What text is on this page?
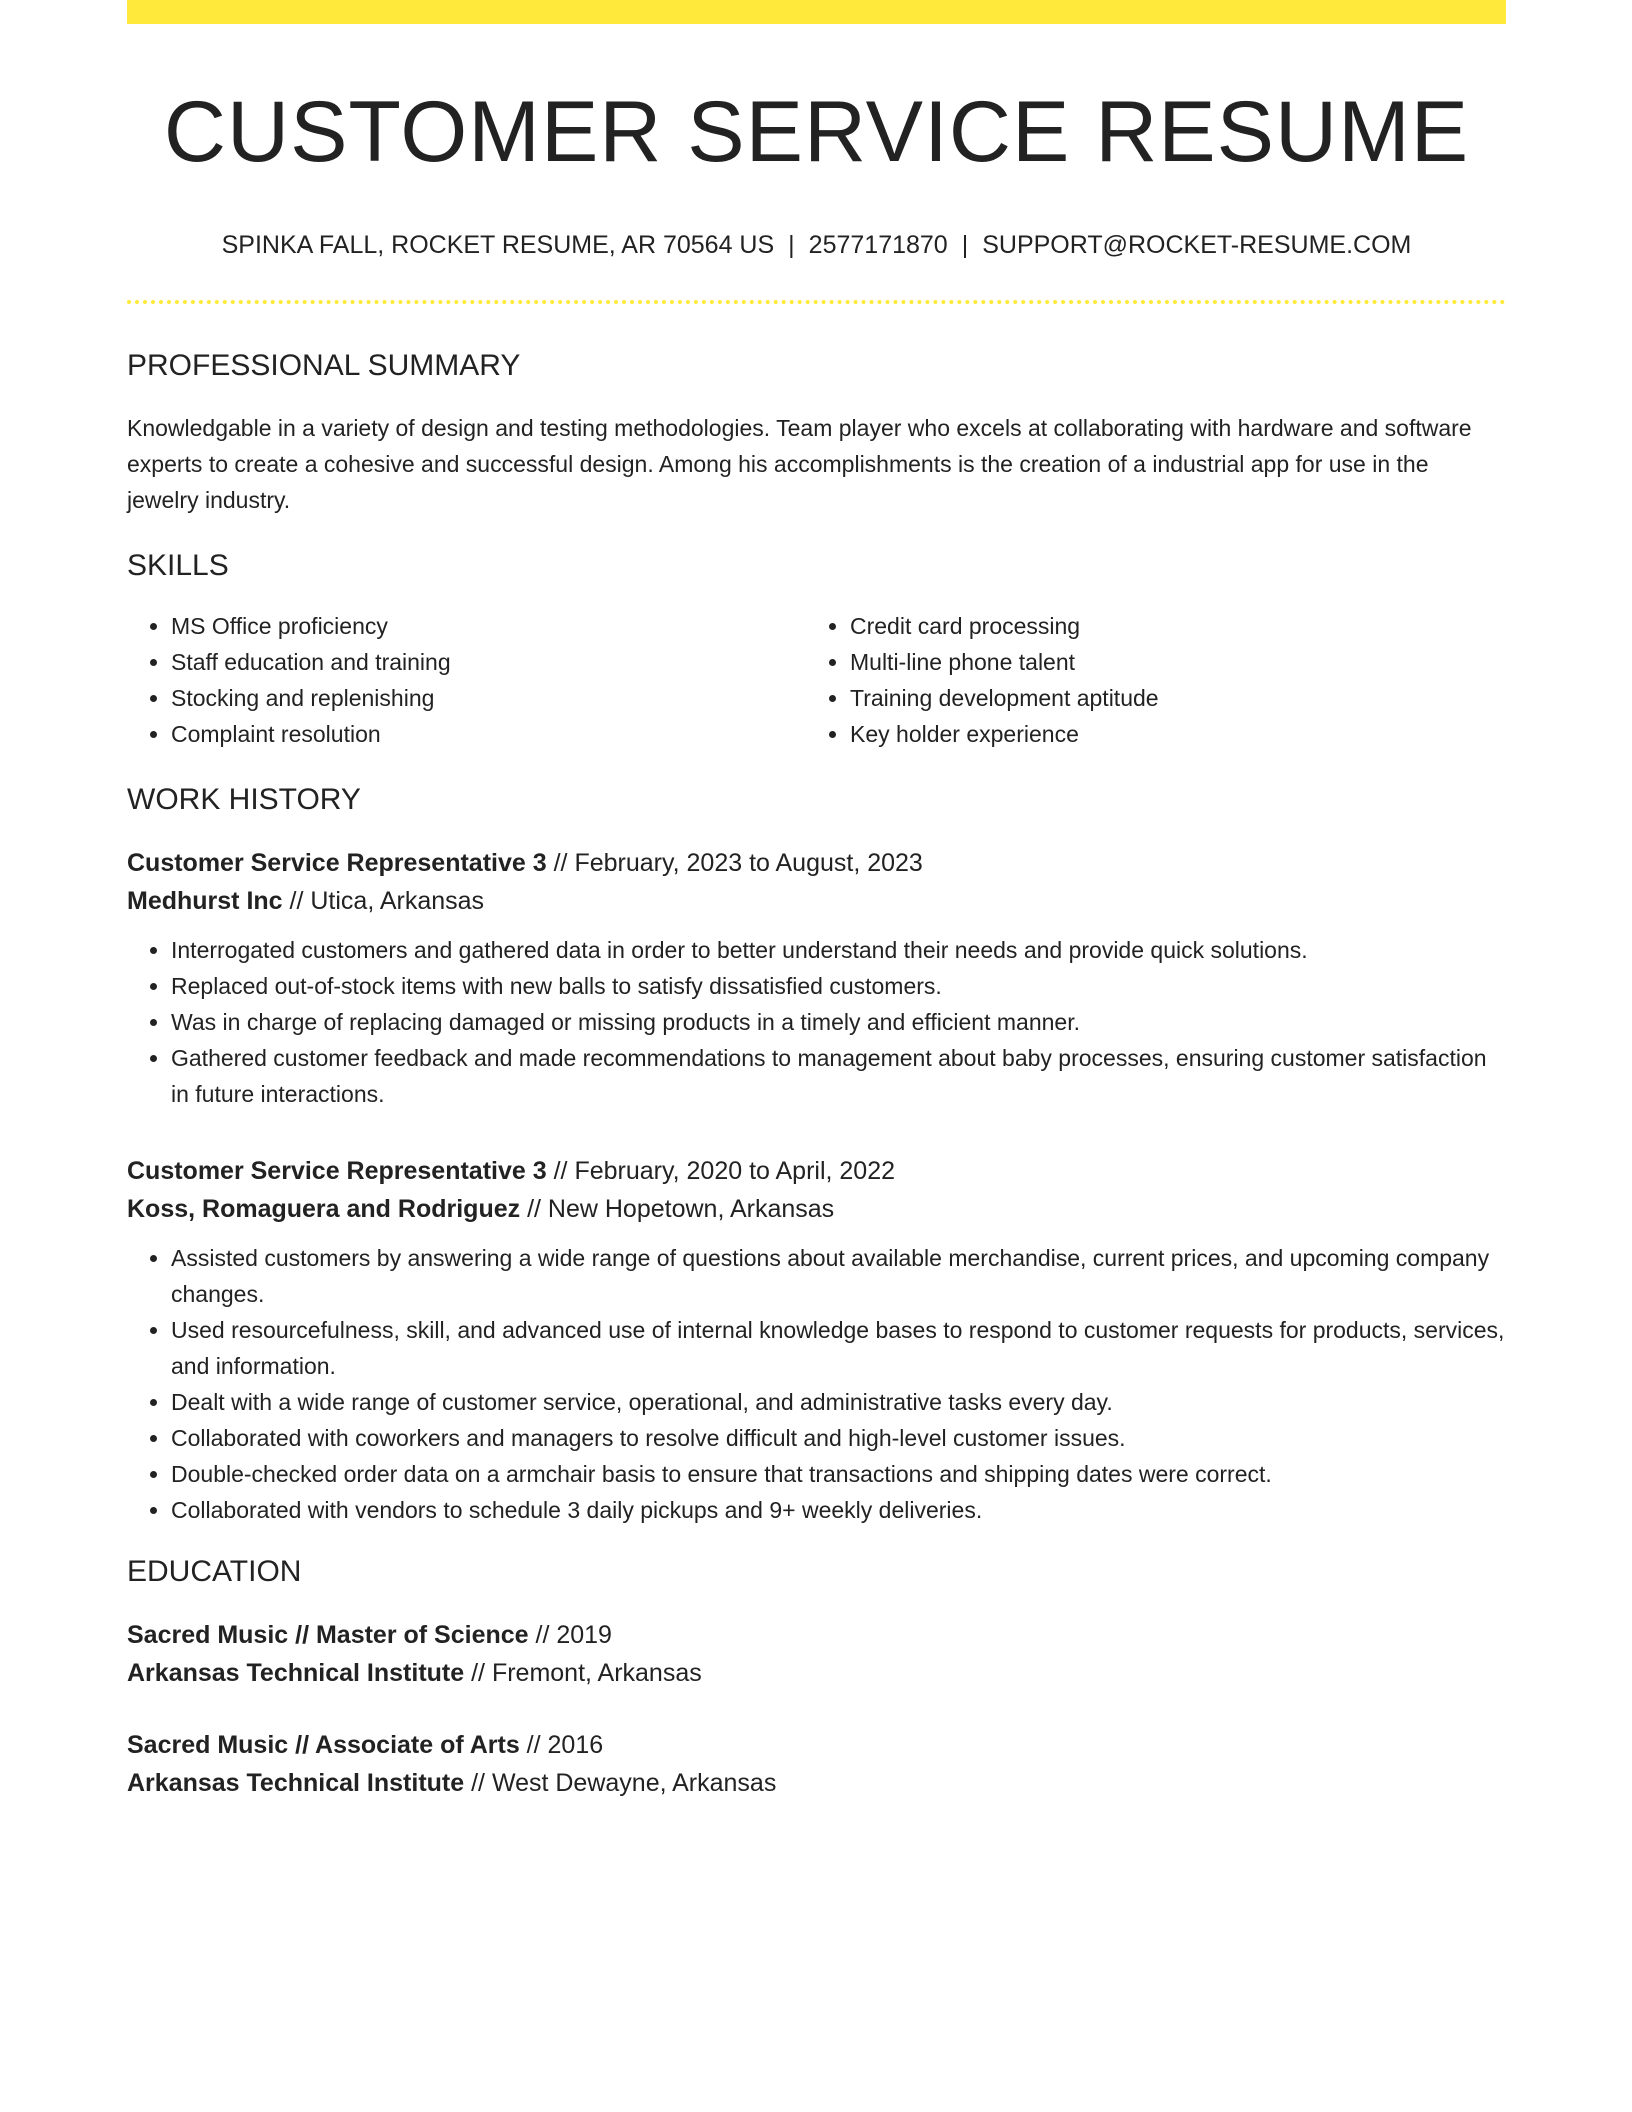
CUSTOMER SERVICE RESUME
SPINKA FALL, ROCKET RESUME, AR 70564 US | 2577171870 | SUPPORT@ROCKET-RESUME.COM
PROFESSIONAL SUMMARY
Knowledgable in a variety of design and testing methodologies. Team player who excels at collaborating with hardware and software experts to create a cohesive and successful design. Among his accomplishments is the creation of a industrial app for use in the jewelry industry.
SKILLS
• MS Office proficiency
• Staff education and training
• Stocking and replenishing
• Complaint resolution
• Credit card processing
• Multi-line phone talent
• Training development aptitude
• Key holder experience
WORK HISTORY
Customer Service Representative 3 // February, 2023 to August, 2023
Medhurst Inc // Utica, Arkansas
• Interrogated customers and gathered data in order to better understand their needs and provide quick solutions.
• Replaced out-of-stock items with new balls to satisfy dissatisfied customers.
• Was in charge of replacing damaged or missing products in a timely and efficient manner.
• Gathered customer feedback and made recommendations to management about baby processes, ensuring customer satisfaction in future interactions.
Customer Service Representative 3 // February, 2020 to April, 2022
Koss, Romaguera and Rodriguez // New Hopetown, Arkansas
• Assisted customers by answering a wide range of questions about available merchandise, current prices, and upcoming company changes.
• Used resourcefulness, skill, and advanced use of internal knowledge bases to respond to customer requests for products, services, and information.
• Dealt with a wide range of customer service, operational, and administrative tasks every day.
• Collaborated with coworkers and managers to resolve difficult and high-level customer issues.
• Double-checked order data on a armchair basis to ensure that transactions and shipping dates were correct.
• Collaborated with vendors to schedule 3 daily pickups and 9+ weekly deliveries.
EDUCATION
Sacred Music // Master of Science // 2019
Arkansas Technical Institute // Fremont, Arkansas
Sacred Music // Associate of Arts // 2016
Arkansas Technical Institute // West Dewayne, Arkansas
